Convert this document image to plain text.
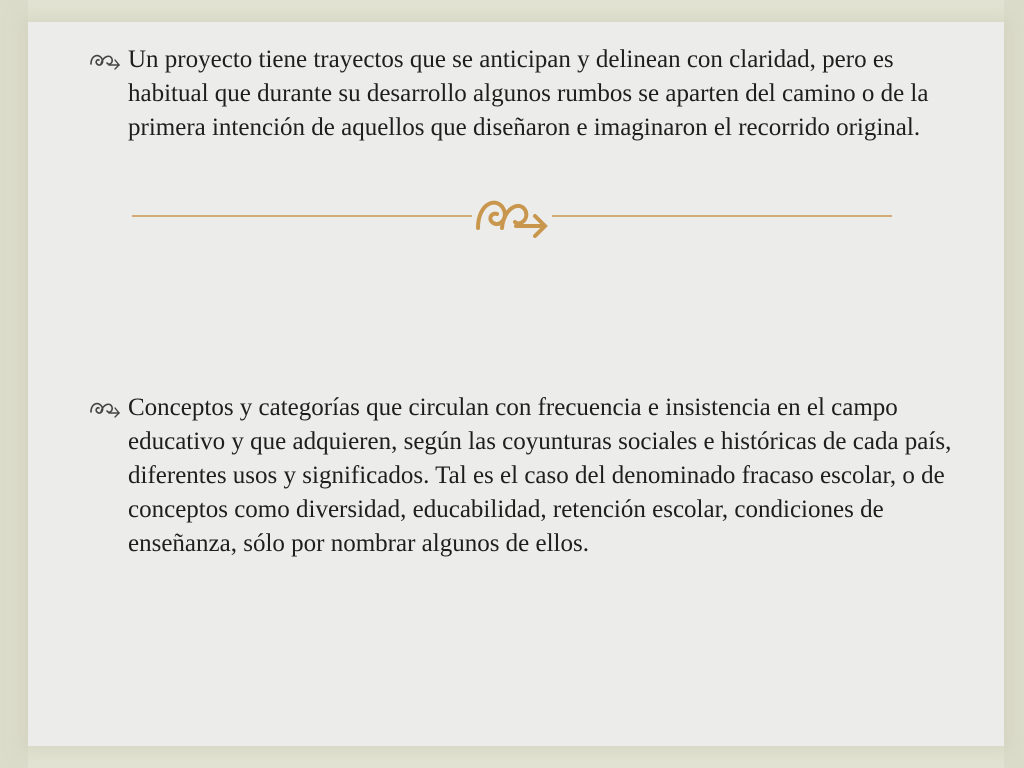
Un proyecto tiene trayectos que se anticipan y delinean con claridad, pero es habitual que durante su desarrollo algunos rumbos se aparten del camino o de la primera intención de aquellos que diseñaron e imaginaron el recorrido original.

Conceptos y categorías que circulan con frecuencia e insistencia en el campo educativo y que adquieren, según las coyunturas sociales e históricas de cada país, diferentes usos y significados. Tal es el caso del denominado fracaso escolar, o de conceptos como diversidad, educabilidad, retención escolar, condiciones de enseñanza, sólo por nombrar algunos de ellos.
